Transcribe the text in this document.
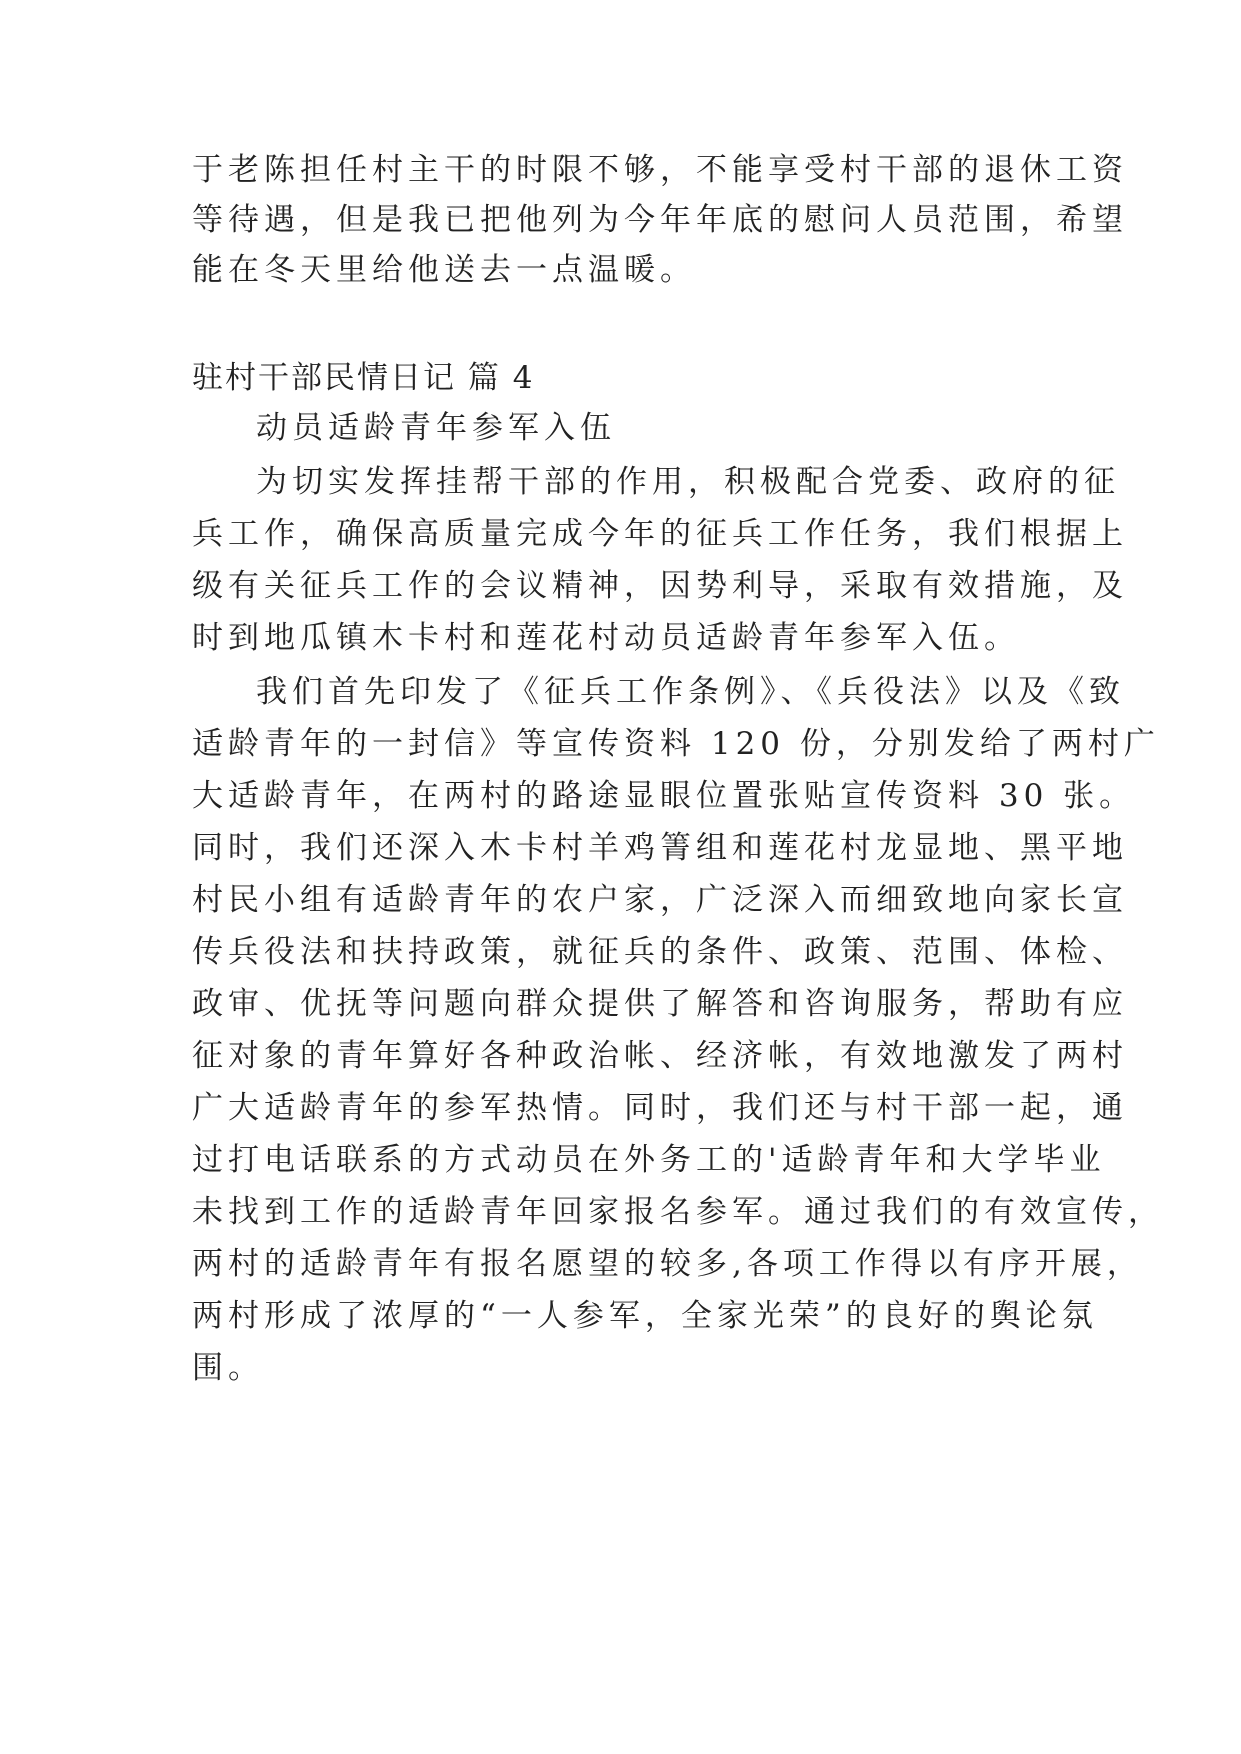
于老陈担任村主干的时限不够，不能享受村干部的退休工资
等待遇，但是我已把他列为今年年底的慰问人员范围，希望
能在冬天里给他送去一点温暖。
驻村干部民情日记 篇 4
动员适龄青年参军入伍
为切实发挥挂帮干部的作用，积极配合党委、政府的征
兵工作，确保高质量完成今年的征兵工作任务，我们根据上
级有关征兵工作的会议精神，因势利导，采取有效措施，及
时到地瓜镇木卡村和莲花村动员适龄青年参军入伍。
我们首先印发了《征兵工作条例》、《兵役法》以及《致
适龄青年的一封信》等宣传资料 120 份，分别发给了两村广
大适龄青年，在两村的路途显眼位置张贴宣传资料 30 张。
同时，我们还深入木卡村羊鸡箐组和莲花村龙显地、黑平地
村民小组有适龄青年的农户家，广泛深入而细致地向家长宣
传兵役法和扶持政策，就征兵的条件、政策、范围、体检、
政审、优抚等问题向群众提供了解答和咨询服务，帮助有应
征对象的青年算好各种政治帐、经济帐，有效地激发了两村
广大适龄青年的参军热情。同时，我们还与村干部一起，通
过打电话联系的方式动员在外务工的'适龄青年和大学毕业
未找到工作的适龄青年回家报名参军。通过我们的有效宣传，
两村的适龄青年有报名愿望的较多,各项工作得以有序开展，
两村形成了浓厚的“一人参军，全家光荣”的良好的舆论氛
围。
